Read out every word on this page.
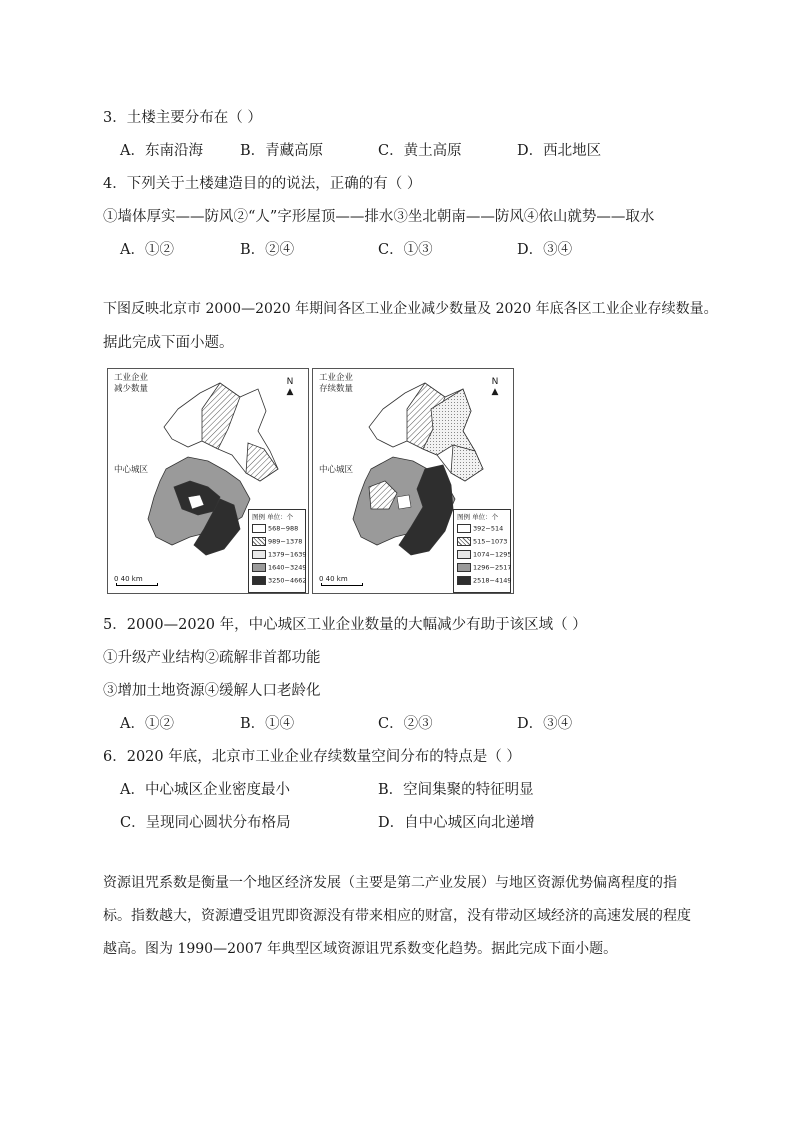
3．土楼主要分布在（ ）
A．东南沿海	B．青藏高原	C．黄土高原	D．西北地区
4．下列关于土楼建造目的的说法，正确的有（ ）
①墙体厚实——防风②“人”字形屋顶——排水③坐北朝南——防风④依山就势——取水
A．①②	B．②④	C．①③	D．③④
下图反映北京市 2000—2020 年期间各区工业企业减少数量及 2020 年底各区工业企业存续数量。
据此完成下面小题。
工业企业减少数量
N
▲
中心城区
图例 单位：个
568~988
989~1378
1379~1639
1640~3249
3250~4662
0 40 km
工业企业存续数量
N
▲
中心城区
图例 单位：个
392~514
515~1073
1074~1295
1296~2517
2518~4149
0 40 km
5．2000—2020 年，中心城区工业企业数量的大幅减少有助于该区域（ ）
①升级产业结构②疏解非首都功能
③增加土地资源④缓解人口老龄化
A．①②	B．①④	C．②③	D．③④
6．2020 年底，北京市工业企业存续数量空间分布的特点是（ ）
A．中心城区企业密度最小	B．空间集聚的特征明显
C．呈现同心圆状分布格局	D．自中心城区向北递增
资源诅咒系数是衡量一个地区经济发展（主要是第二产业发展）与地区资源优势偏离程度的指
标。指数越大，资源遭受诅咒即资源没有带来相应的财富，没有带动区域经济的高速发展的程度
越高。图为 1990—2007 年典型区域资源诅咒系数变化趋势。据此完成下面小题。
